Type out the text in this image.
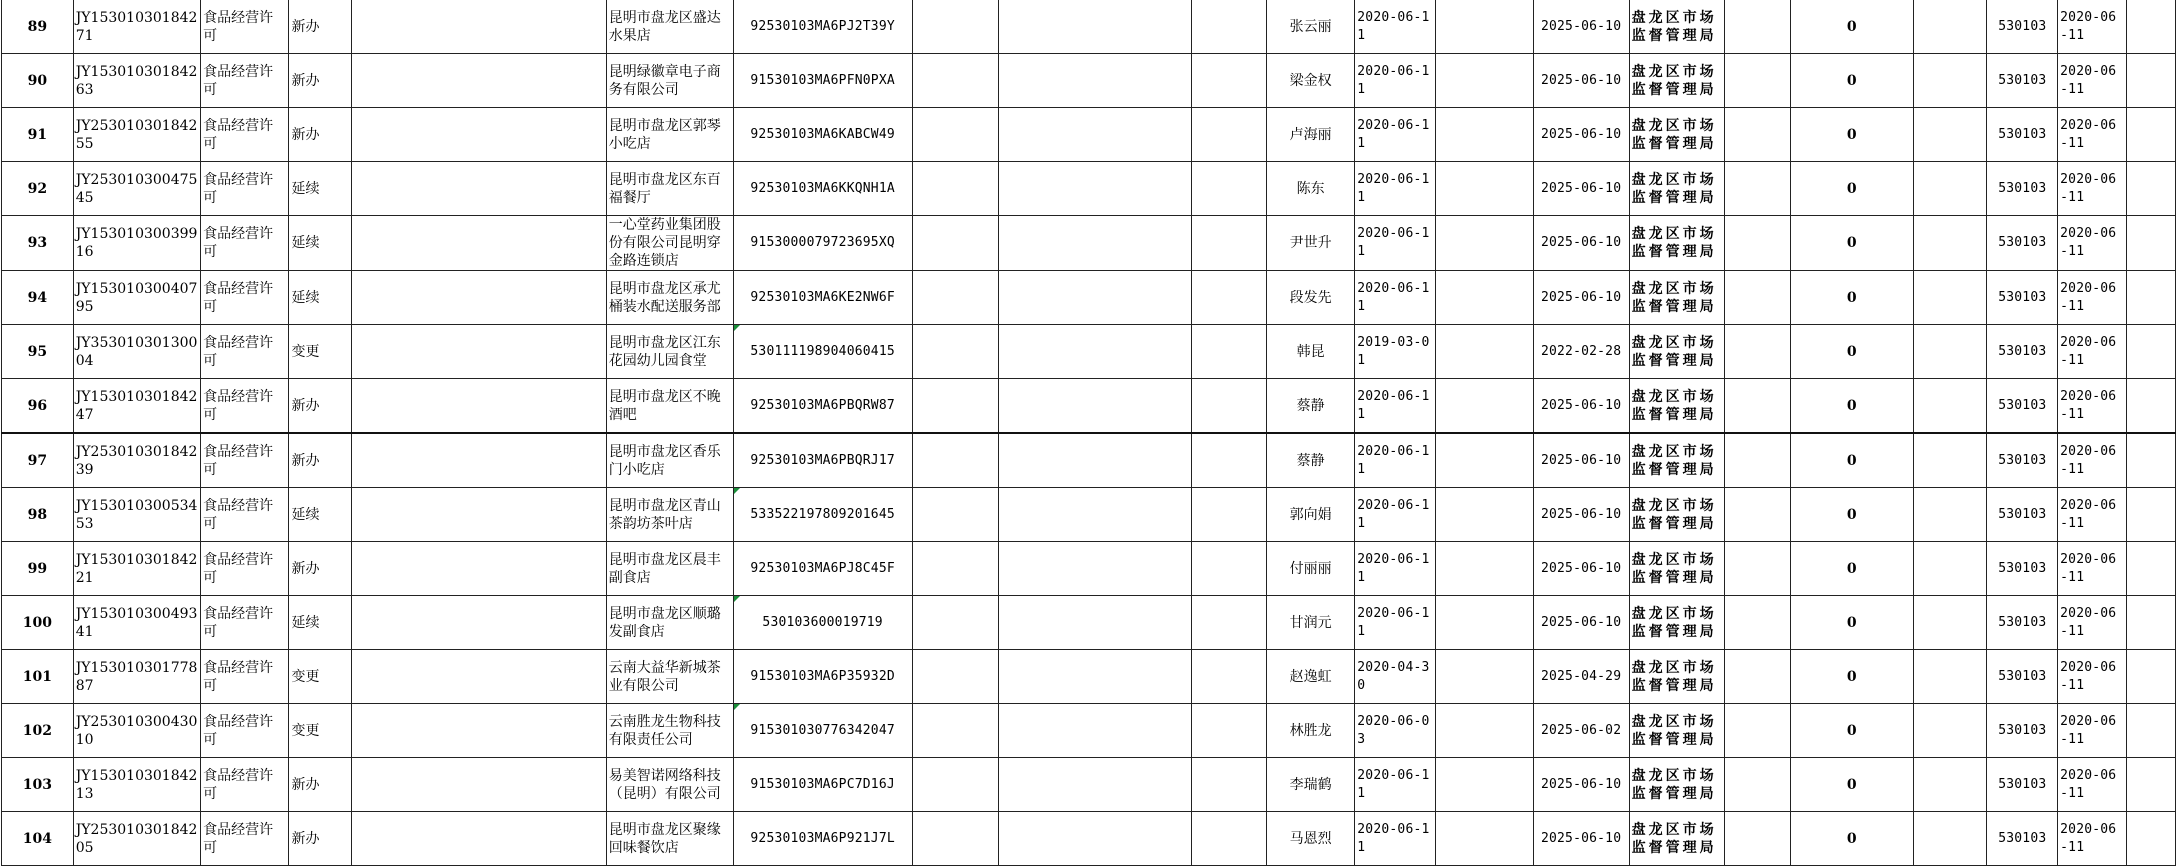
89	JY15301030184271	食品经营许可	新办		昆明市盘龙区盛达水果店	92530103MA6PJ2T39Y				张云丽	2020-06-11		2025-06-10	盘龙区市场监督管理局		0		530103	2020-06-11	
90	JY15301030184263	食品经营许可	新办		昆明绿徽章电子商务有限公司	91530103MA6PFN0PXA				梁金权	2020-06-11		2025-06-10	盘龙区市场监督管理局		0		530103	2020-06-11	
91	JY25301030184255	食品经营许可	新办		昆明市盘龙区郭琴小吃店	92530103MA6KABCW49				卢海丽	2020-06-11		2025-06-10	盘龙区市场监督管理局		0		530103	2020-06-11	
92	JY25301030047545	食品经营许可	延续		昆明市盘龙区东百福餐厅	92530103MA6KKQNH1A				陈东	2020-06-11		2025-06-10	盘龙区市场监督管理局		0		530103	2020-06-11	
93	JY15301030039916	食品经营许可	延续		一心堂药业集团股份有限公司昆明穿金路连锁店	9153000079723695XQ				尹世升	2020-06-11		2025-06-10	盘龙区市场监督管理局		0		530103	2020-06-11	
94	JY15301030040795	食品经营许可	延续		昆明市盘龙区承尤桶装水配送服务部	92530103MA6KE2NW6F				段发先	2020-06-11		2025-06-10	盘龙区市场监督管理局		0		530103	2020-06-11	
95	JY35301030130004	食品经营许可	变更		昆明市盘龙区江东花园幼儿园食堂	530111198904060415				韩昆	2019-03-01		2022-02-28	盘龙区市场监督管理局		0		530103	2020-06-11	
96	JY15301030184247	食品经营许可	新办		昆明市盘龙区不晚酒吧	92530103MA6PBQRW87				蔡静	2020-06-11		2025-06-10	盘龙区市场监督管理局		0		530103	2020-06-11	
97	JY25301030184239	食品经营许可	新办		昆明市盘龙区香乐门小吃店	92530103MA6PBQRJ17				蔡静	2020-06-11		2025-06-10	盘龙区市场监督管理局		0		530103	2020-06-11	
98	JY15301030053453	食品经营许可	延续		昆明市盘龙区青山茶韵坊茶叶店	533522197809201645				郭向娟	2020-06-11		2025-06-10	盘龙区市场监督管理局		0		530103	2020-06-11	
99	JY15301030184221	食品经营许可	新办		昆明市盘龙区晨丰副食店	92530103MA6PJ8C45F				付丽丽	2020-06-11		2025-06-10	盘龙区市场监督管理局		0		530103	2020-06-11	
100	JY15301030049341	食品经营许可	延续		昆明市盘龙区顺璐发副食店	530103600019719				甘润元	2020-06-11		2025-06-10	盘龙区市场监督管理局		0		530103	2020-06-11	
101	JY15301030177887	食品经营许可	变更		云南大益华新城茶业有限公司	91530103MA6P35932D				赵逸虹	2020-04-30		2025-04-29	盘龙区市场监督管理局		0		530103	2020-06-11	
102	JY25301030043010	食品经营许可	变更		云南胜龙生物科技有限责任公司	915301030776342047				林胜龙	2020-06-03		2025-06-02	盘龙区市场监督管理局		0		530103	2020-06-11	
103	JY15301030184213	食品经营许可	新办		易美智诺网络科技（昆明）有限公司	91530103MA6PC7D16J				李瑞鹤	2020-06-11		2025-06-10	盘龙区市场监督管理局		0		530103	2020-06-11	
104	JY25301030184205	食品经营许可	新办		昆明市盘龙区聚缘回味餐饮店	92530103MA6P921J7L				马恩烈	2020-06-11		2025-06-10	盘龙区市场监督管理局		0		530103	2020-06-11	
